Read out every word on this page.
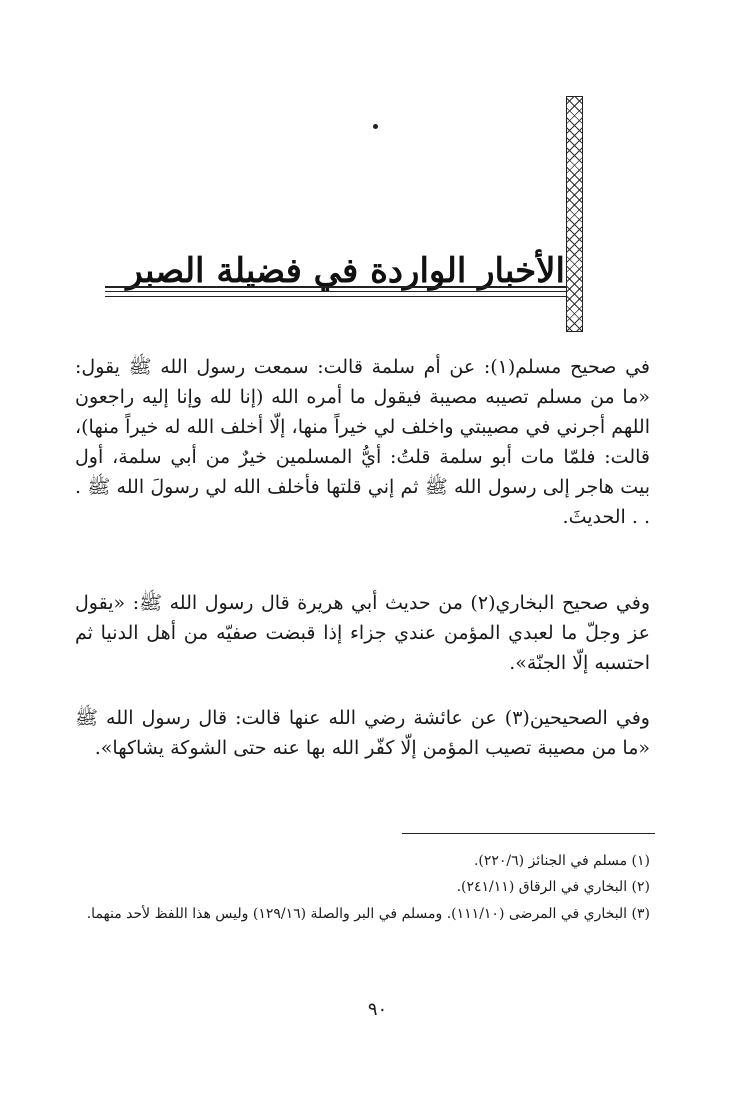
الأخبار الواردة في فضيلة الصبر

في صحيح مسلم(١): عن أم سلمة قالت: سمعت رسول الله ﷺ يقول: «ما من مسلم تصيبه مصيبة فيقول ما أمره الله (إنا لله وإنا إليه راجعون اللهم أجرني في مصيبتي واخلف لي خيراً منها، إلّا أخلف الله له خيراً منها)، قالت: فلمّا مات أبو سلمة قلتُ: أيُّ المسلمين خيرٌ من أبي سلمة، أول بيت هاجر إلى رسول الله ﷺ ثم إني قلتها فأخلف الله لي رسولَ الله ﷺ . . . الحديثَ.

وفي صحيح البخاري(٢) من حديث أبي هريرة قال رسول الله ﷺ: «يقول عز وجلّ ما لعبدي المؤمن عندي جزاء إذا قبضت صفيّه من أهل الدنيا ثم احتسبه إلّا الجنّة».

وفي الصحيحين(٣) عن عائشة رضي الله عنها قالت: قال رسول الله ﷺ «ما من مصيبة تصيب المؤمن إلّا كفّر الله بها عنه حتى الشوكة يشاكها».

(١) مسلم في الجنائز (٢٢٠/٦).

(٢) البخاري في الرقاق (٢٤١/١١).

(٣) البخاري في المرضى (١١١/١٠). ومسلم في البر والصلة (١٢٩/١٦) وليس هذا اللفظ لأحد منهما.

٩٠
